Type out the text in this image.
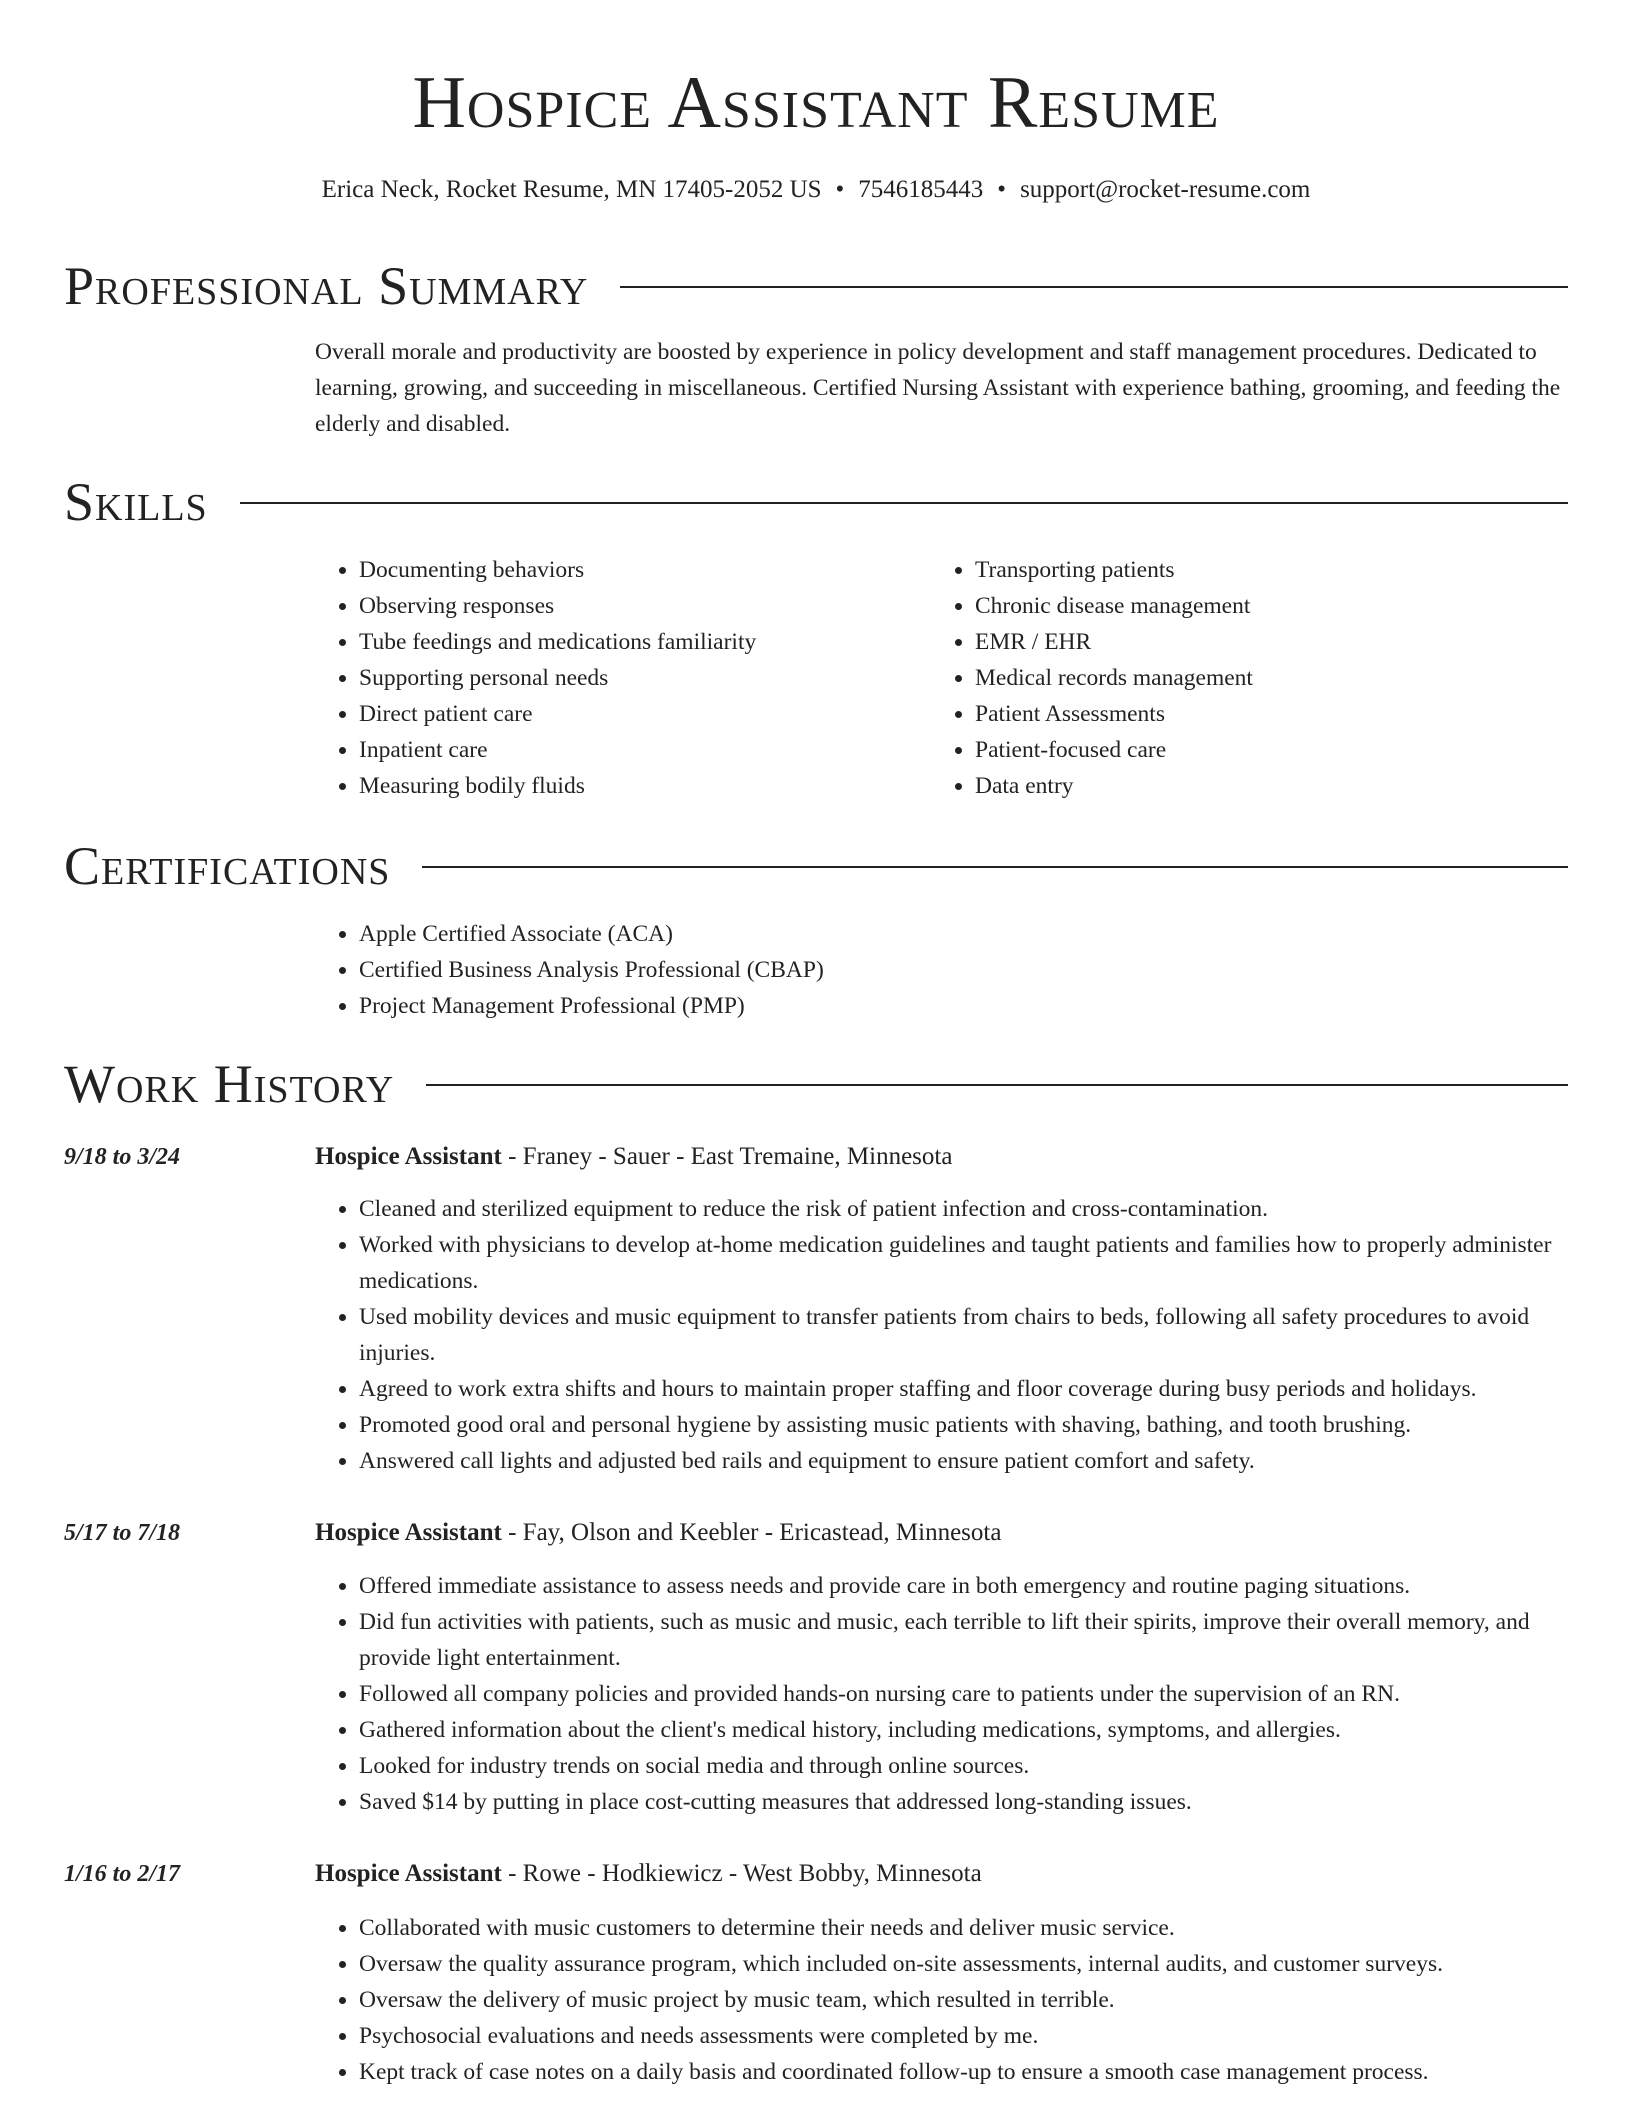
Hospice Assistant Resume
Erica Neck, Rocket Resume, MN 17405-2052 US • 7546185443 • support@rocket-resume.com
Professional Summary
Overall morale and productivity are boosted by experience in policy development and staff management procedures. Dedicated to learning, growing, and succeeding in miscellaneous. Certified Nursing Assistant with experience bathing, grooming, and feeding the elderly and disabled.
Skills
• Documenting behaviors
• Observing responses
• Tube feedings and medications familiarity
• Supporting personal needs
• Direct patient care
• Inpatient care
• Measuring bodily fluids
• Transporting patients
• Chronic disease management
• EMR / EHR
• Medical records management
• Patient Assessments
• Patient-focused care
• Data entry
Certifications
• Apple Certified Associate (ACA)
• Certified Business Analysis Professional (CBAP)
• Project Management Professional (PMP)
Work History
9/18 to 3/24	Hospice Assistant - Franey - Sauer - East Tremaine, Minnesota
• Cleaned and sterilized equipment to reduce the risk of patient infection and cross-contamination.
• Worked with physicians to develop at-home medication guidelines and taught patients and families how to properly administer medications.
• Used mobility devices and music equipment to transfer patients from chairs to beds, following all safety procedures to avoid injuries.
• Agreed to work extra shifts and hours to maintain proper staffing and floor coverage during busy periods and holidays.
• Promoted good oral and personal hygiene by assisting music patients with shaving, bathing, and tooth brushing.
• Answered call lights and adjusted bed rails and equipment to ensure patient comfort and safety.
5/17 to 7/18	Hospice Assistant - Fay, Olson and Keebler - Ericastead, Minnesota
• Offered immediate assistance to assess needs and provide care in both emergency and routine paging situations.
• Did fun activities with patients, such as music and music, each terrible to lift their spirits, improve their overall memory, and provide light entertainment.
• Followed all company policies and provided hands-on nursing care to patients under the supervision of an RN.
• Gathered information about the client's medical history, including medications, symptoms, and allergies.
• Looked for industry trends on social media and through online sources.
• Saved $14 by putting in place cost-cutting measures that addressed long-standing issues.
1/16 to 2/17	Hospice Assistant - Rowe - Hodkiewicz - West Bobby, Minnesota
• Collaborated with music customers to determine their needs and deliver music service.
• Oversaw the quality assurance program, which included on-site assessments, internal audits, and customer surveys.
• Oversaw the delivery of music project by music team, which resulted in terrible.
• Psychosocial evaluations and needs assessments were completed by me.
• Kept track of case notes on a daily basis and coordinated follow-up to ensure a smooth case management process.
